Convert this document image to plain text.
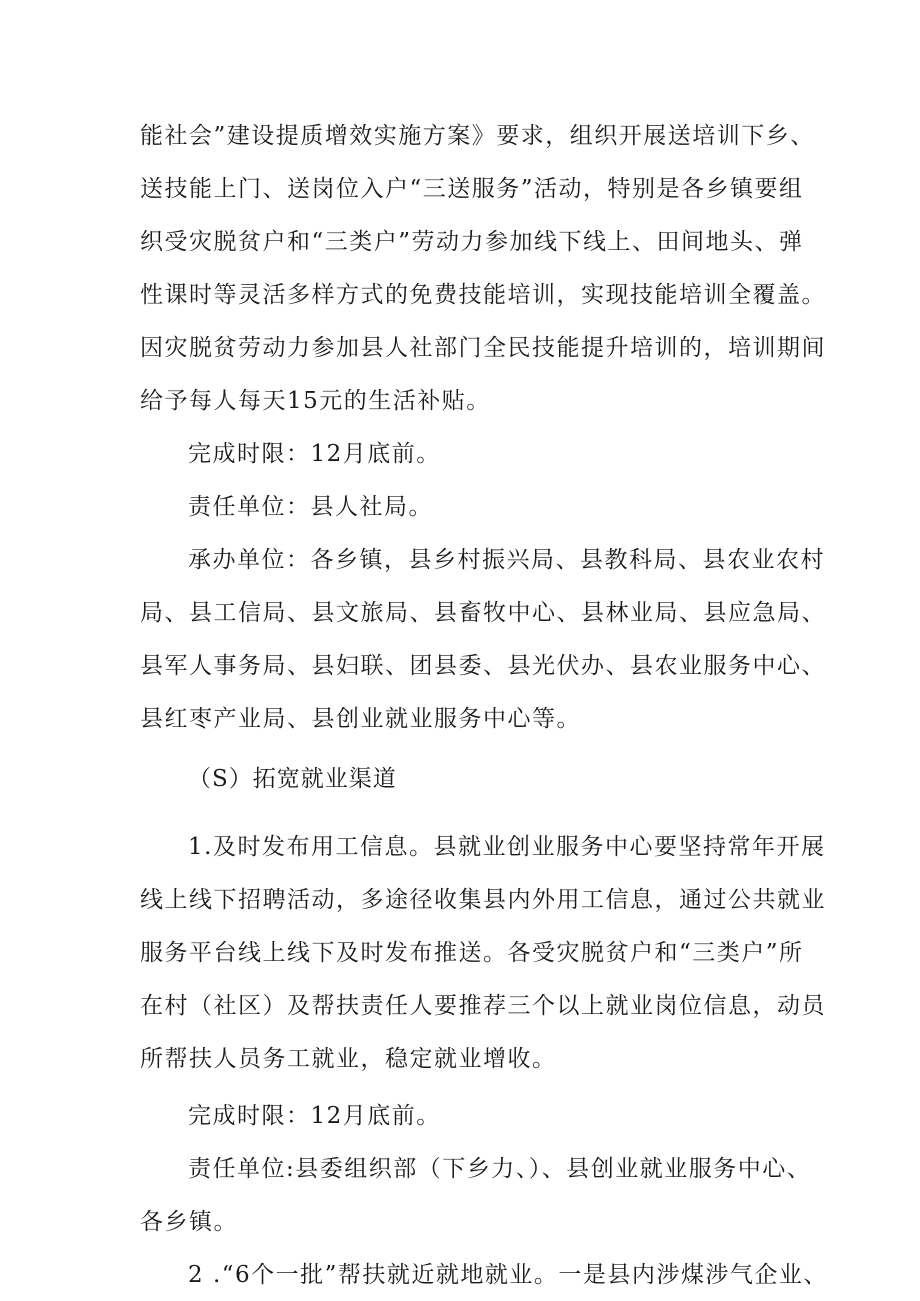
能社会”建设提质增效实施方案》要求，组织开展送培训下乡、
送技能上门、送岗位入户“三送服务”活动，特别是各乡镇要组
织受灾脱贫户和“三类户”劳动力参加线下线上、田间地头、弹
性课时等灵活多样方式的免费技能培训，实现技能培训全覆盖。
因灾脱贫劳动力参加县人社部门全民技能提升培训的，培训期间
给予每人每天15元的生活补贴。
完成时限：12月底前。
责任单位：县人社局。
承办单位：各乡镇，县乡村振兴局、县教科局、县农业农村
局、县工信局、县文旅局、县畜牧中心、县林业局、县应急局、
县军人事务局、县妇联、团县委、县光伏办、县农业服务中心、
县红枣产业局、县创业就业服务中心等。
（S）拓宽就业渠道
1.及时发布用工信息。县就业创业服务中心要坚持常年开展
线上线下招聘活动，多途径收集县内外用工信息，通过公共就业
服务平台线上线下及时发布推送。各受灾脱贫户和“三类户”所
在村（社区）及帮扶责任人要推荐三个以上就业岗位信息，动员
所帮扶人员务工就业，稳定就业增收。
完成时限：12月底前。
责任单位:县委组织部（下乡力、）、县创业就业服务中心、
各乡镇。
2 .“6个一批”帮扶就近就地就业。一是县内涉煤涉气企业、
